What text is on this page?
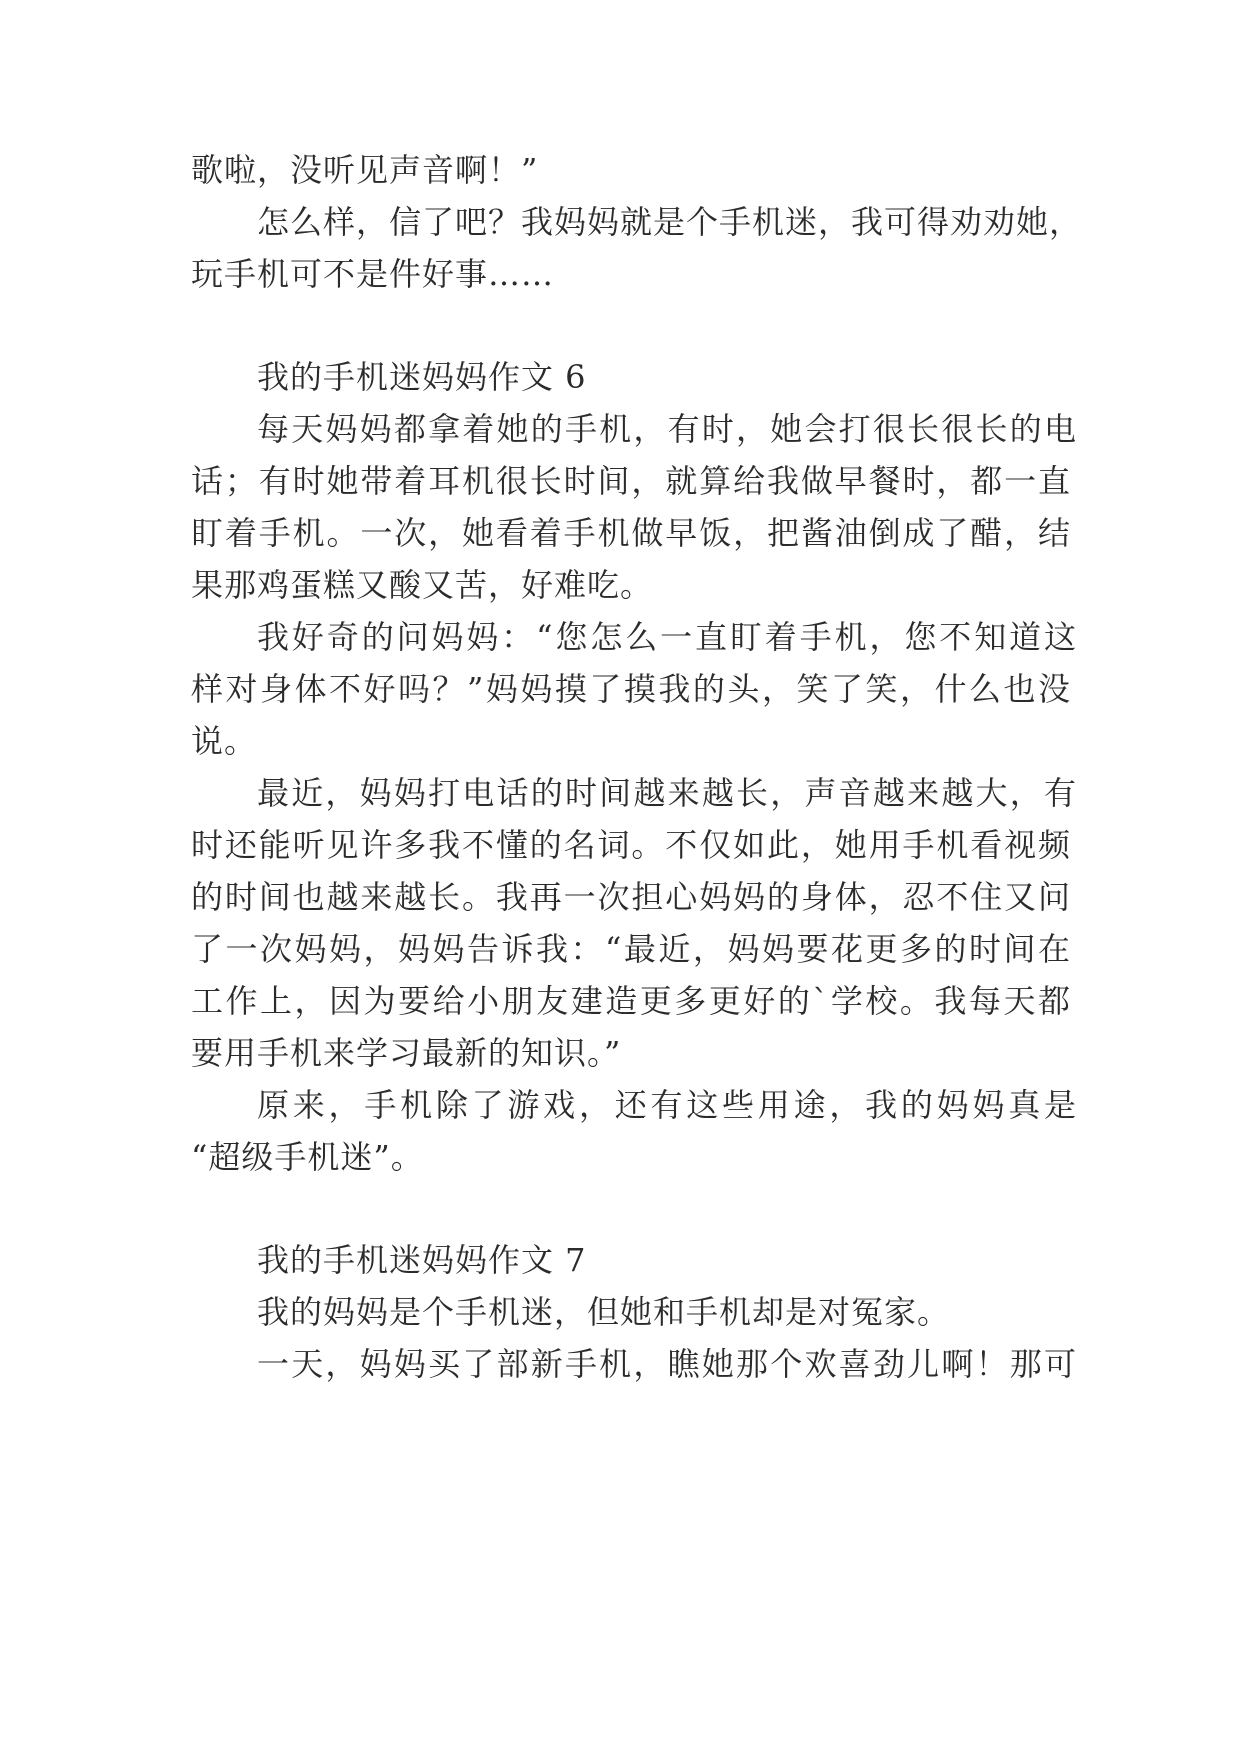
歌啦，没听见声音啊！”
怎么样，信了吧？我妈妈就是个手机迷，我可得劝劝她，
玩手机可不是件好事……
我的手机迷妈妈作文 6
每天妈妈都拿着她的手机，有时，她会打很长很长的电
话；有时她带着耳机很长时间，就算给我做早餐时，都一直
盯着手机。一次，她看着手机做早饭，把酱油倒成了醋，结
果那鸡蛋糕又酸又苦，好难吃。
我好奇的问妈妈：“您怎么一直盯着手机，您不知道这
样对身体不好吗？”妈妈摸了摸我的头，笑了笑，什么也没
说。
最近，妈妈打电话的时间越来越长，声音越来越大，有
时还能听见许多我不懂的名词。不仅如此，她用手机看视频
的时间也越来越长。我再一次担心妈妈的身体，忍不住又问
了一次妈妈，妈妈告诉我：“最近，妈妈要花更多的时间在
工作上，因为要给小朋友建造更多更好的`学校。我每天都
要用手机来学习最新的知识。”
原来，手机除了游戏，还有这些用途，我的妈妈真是
“超级手机迷”。
我的手机迷妈妈作文 7
我的妈妈是个手机迷，但她和手机却是对冤家。
一天，妈妈买了部新手机，瞧她那个欢喜劲儿啊！那可
